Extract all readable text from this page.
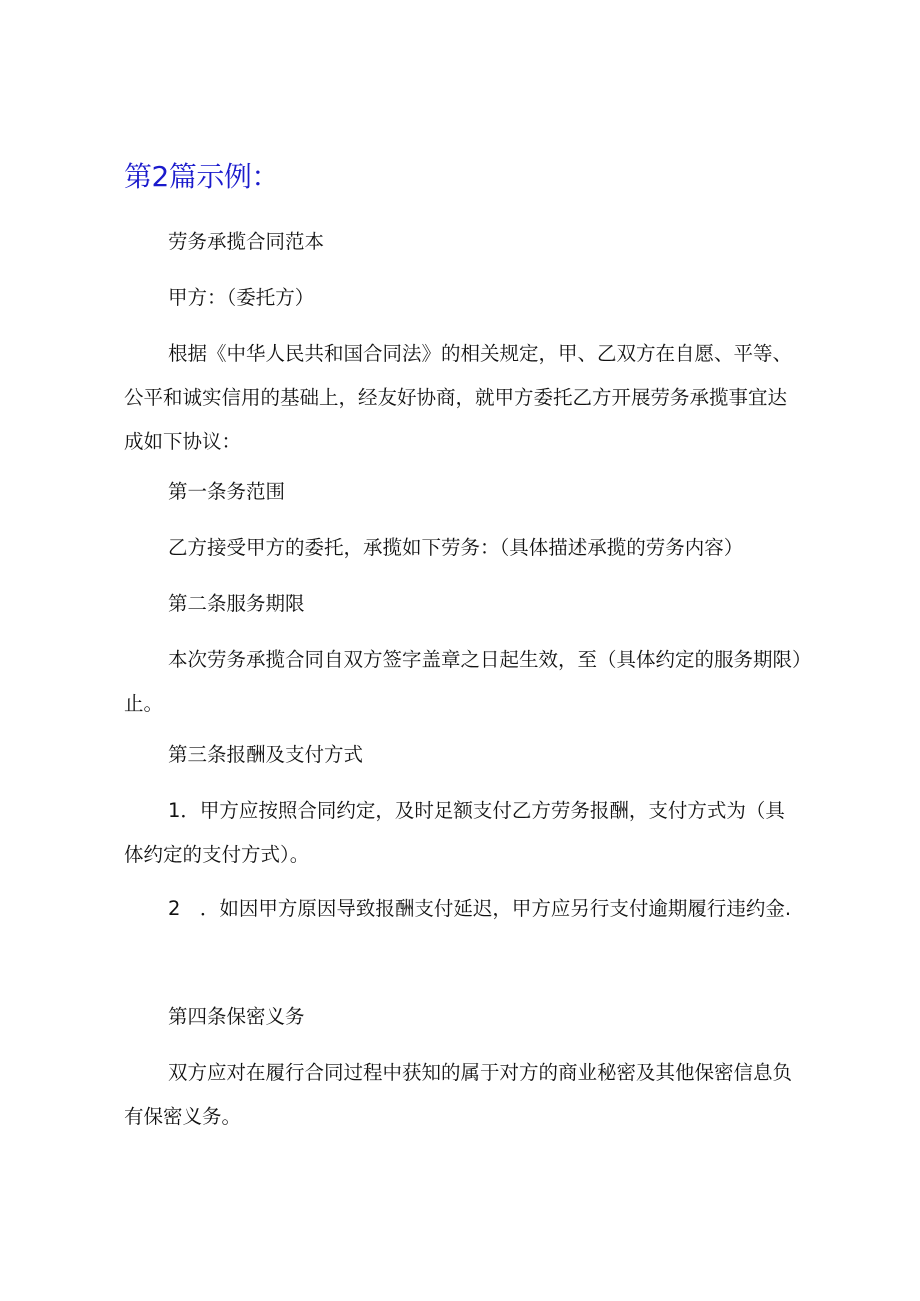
第2篇示例：

劳务承揽合同范本

甲方：（委托方）

根据《中华人民共和国合同法》的相关规定，甲、乙双方在自愿、平等、公平和诚实信用的基础上，经友好协商，就甲方委托乙方开展劳务承揽事宜达成如下协议：

第一条务范围

乙方接受甲方的委托，承揽如下劳务：（具体描述承揽的劳务内容）

第二条服务期限

本次劳务承揽合同自双方签字盖章之日起生效，至（具体约定的服务期限）止。

第三条报酬及支付方式

1．甲方应按照合同约定，及时足额支付乙方劳务报酬，支付方式为（具体约定的支付方式）。

2　．如因甲方原因导致报酬支付延迟，甲方应另行支付逾期履行违约金.

第四条保密义务

双方应对在履行合同过程中获知的属于对方的商业秘密及其他保密信息负有保密义务。
